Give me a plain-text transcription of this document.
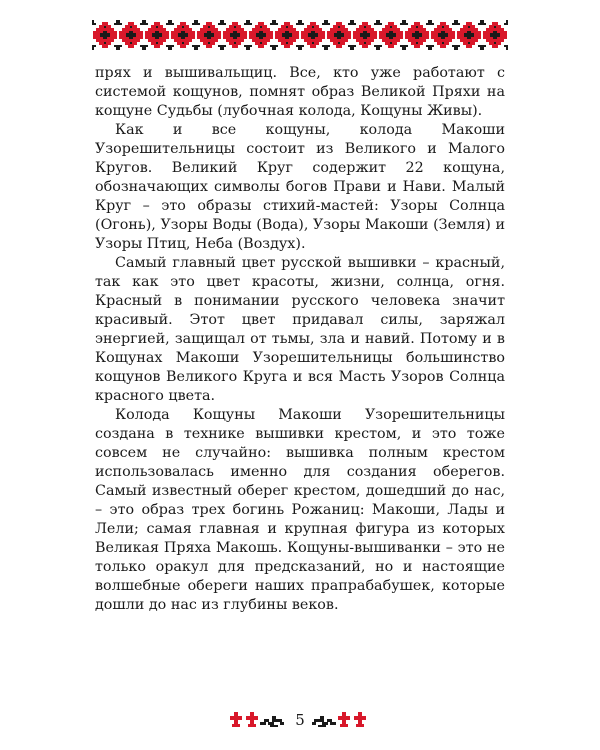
прях и вышивальщиц. Все, кто уже работают с системой кощунов, помнят образ Великой Пряхи на кощуне Судьбы (лубочная колода, Кощуны Живы).

Как и все кощуны, колода Макоши Узорешительницы состоит из Великого и Малого Кругов. Великий Круг содержит 22 кощуна, обозначающих символы богов Прави и Нави. Малый Круг – это образы стихий-мастей: Узоры Солнца (Огонь), Узоры Воды (Вода), Узоры Макоши (Земля) и Узоры Птиц, Неба (Воздух).

Самый главный цвет русской вышивки – красный, так как это цвет красоты, жизни, солнца, огня. Красный в понимании русского человека значит красивый. Этот цвет придавал силы, заряжал энергией, защищал от тьмы, зла и навий. Потому и в Кощунах Макоши Узорешительницы большинство кощунов Великого Круга и вся Масть Узоров Солнца красного цвета.

Колода Кощуны Макоши Узорешительницы создана в технике вышивки крестом, и это тоже совсем не случайно: вышивка полным крестом использовалась именно для создания оберегов. Самый известный оберег крестом, дошедший до нас, – это образ трех богинь Рожаниц: Макоши, Лады и Лели; самая главная и крупная фигура из которых Великая Пряха Макошь. Кощуны-вышиванки – это не только оракул для предсказаний, но и настоящие волшебные обереги наших прапрабабушек, которые дошли до нас из глубины веков.

5
